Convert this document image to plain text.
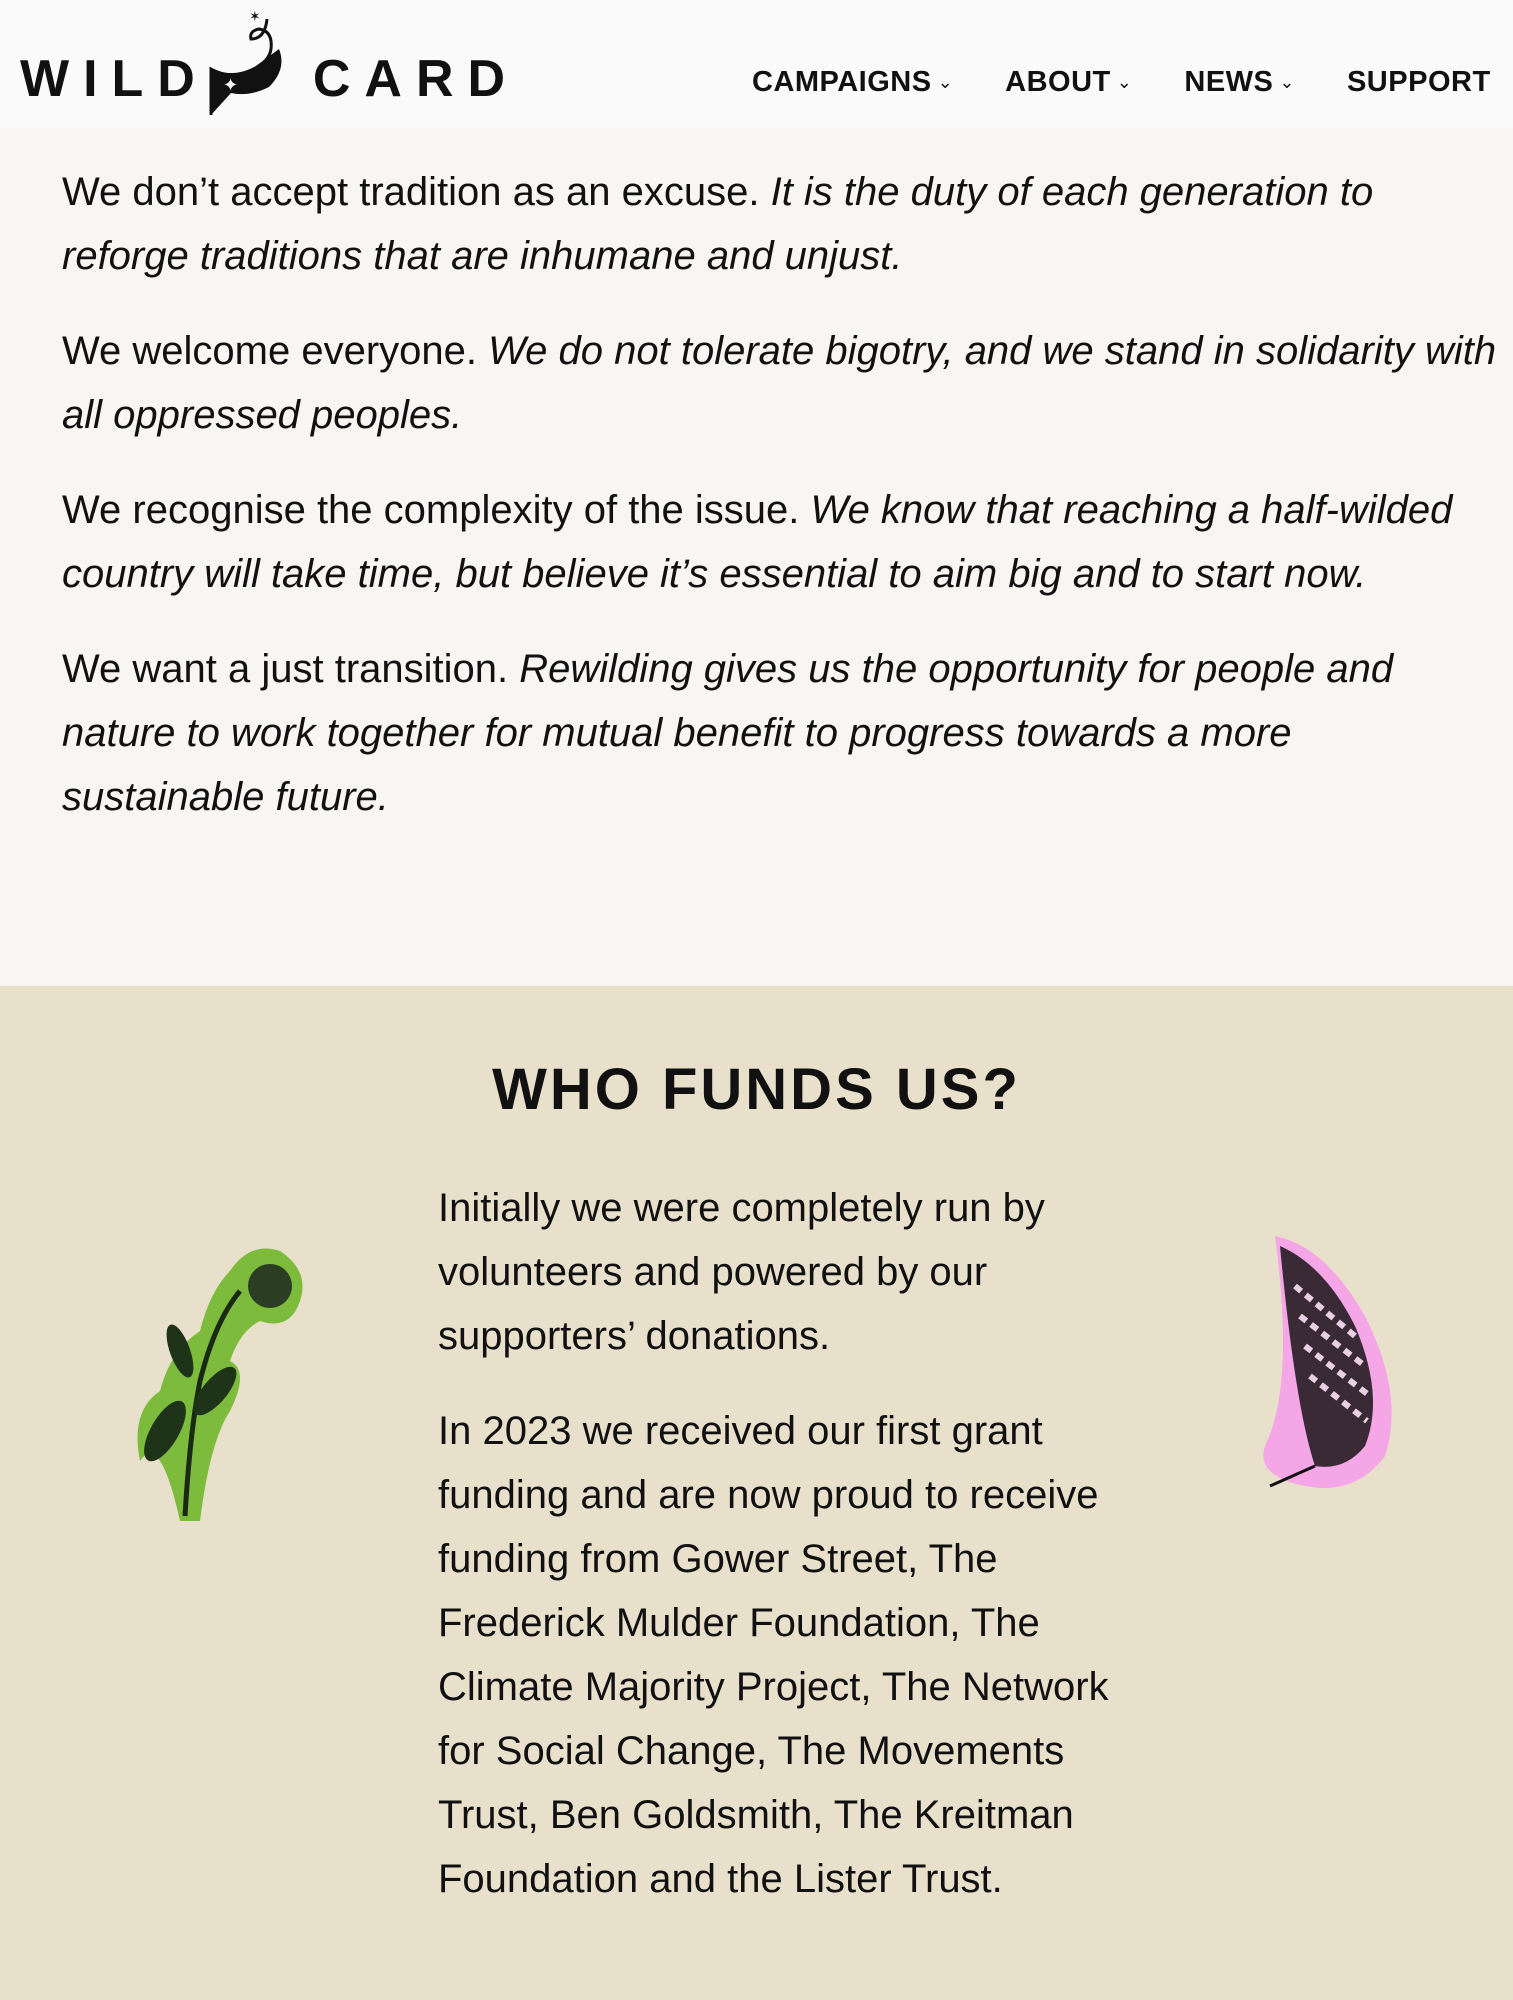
WILD ✦
✶
CARD	CAMPAIGNS ⌄ ABOUT ⌄ NEWS ⌄ SUPPORT

We don’t accept tradition as an excuse. It is the duty of each generation to reforge traditions that are inhumane and unjust.

We welcome everyone. We do not tolerate bigotry, and we stand in solidarity with all oppressed peoples.

We recognise the complexity of the issue. We know that reaching a half-wilded country will take time, but believe it’s essential to aim big and to start now.

We want a just transition. Rewilding gives us the opportunity for people and nature to work together for mutual benefit to progress towards a more sustainable future.

WHO FUNDS US?

Initially we were completely run by volunteers and powered by our supporters’ donations.

In 2023 we received our first grant funding and are now proud to receive funding from Gower Street, The Frederick Mulder Foundation, The Climate Majority Project, The Network for Social Change, The Movements Trust, Ben Goldsmith, The Kreitman Foundation and the Lister Trust.
